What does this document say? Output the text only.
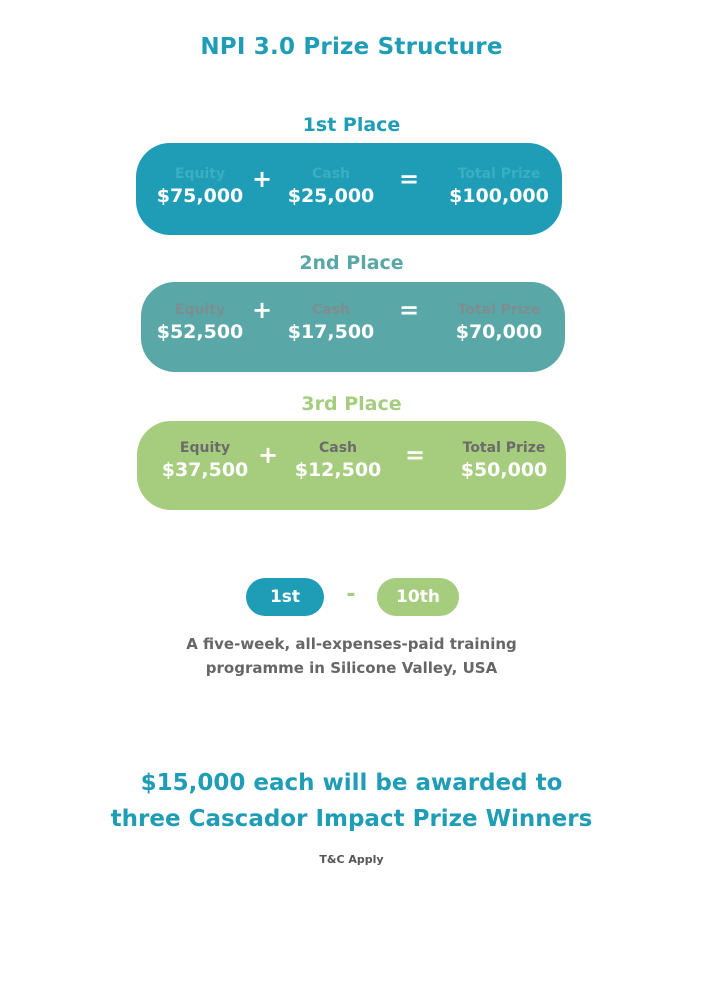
NPI 3.0 Prize Structure
1st Place
Equity
$75,000
+	Cash
$25,000
=	Total Prize
$100,000
2nd Place
Equity
$52,500
+	Cash
$17,500
=	Total Prize
$70,000
3rd Place
Equity
$37,500
+	Cash
$12,500
=	Total Prize
$50,000
1st	-	10th
A five-week, all-expenses-paid training
programme in Silicone Valley, USA
$15,000 each will be awarded to
three Cascador Impact Prize Winners
T&C Apply
